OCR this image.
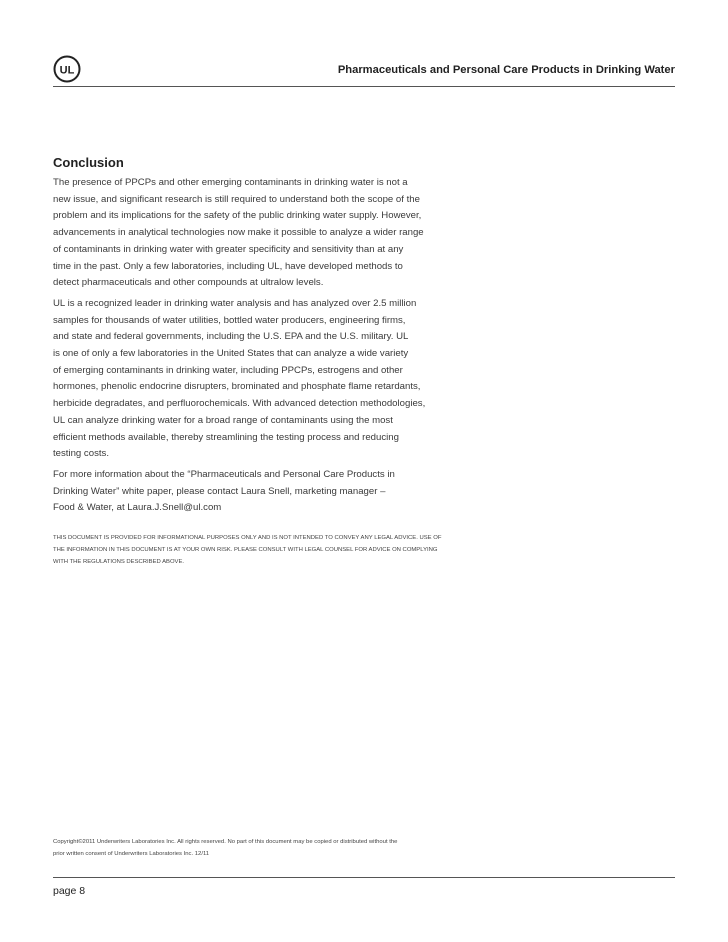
UL	Pharmaceuticals and Personal Care Products in Drinking Water
Conclusion

The presence of PPCPs and other emerging contaminants in drinking water is not a
new issue, and significant research is still required to understand both the scope of the
problem and its implications for the safety of the public drinking water supply. However,
advancements in analytical technologies now make it possible to analyze a wider range
of contaminants in drinking water with greater specificity and sensitivity than at any
time in the past. Only a few laboratories, including UL, have developed methods to
detect pharmaceuticals and other compounds at ultralow levels.

UL is a recognized leader in drinking water analysis and has analyzed over 2.5 million
samples for thousands of water utilities, bottled water producers, engineering firms,
and state and federal governments, including the U.S. EPA and the U.S. military. UL
is one of only a few laboratories in the United States that can analyze a wide variety
of emerging contaminants in drinking water, including PPCPs, estrogens and other
hormones, phenolic endocrine disrupters, brominated and phosphate flame retardants,
herbicide degradates, and perfluorochemicals. With advanced detection methodologies,
UL can analyze drinking water for a broad range of contaminants using the most
efficient methods available, thereby streamlining the testing process and reducing
testing costs.

For more information about the “Pharmaceuticals and Personal Care Products in
Drinking Water” white paper, please contact Laura Snell, marketing manager –
Food & Water, at Laura.J.Snell@ul.com

THIS DOCUMENT IS PROVIDED FOR INFORMATIONAL PURPOSES ONLY AND IS NOT INTENDED TO CONVEY ANY LEGAL ADVICE. USE OF
THE INFORMATION IN THIS DOCUMENT IS AT YOUR OWN RISK. PLEASE CONSULT WITH LEGAL COUNSEL FOR ADVICE ON COMPLYING
WITH THE REGULATIONS DESCRIBED ABOVE.
Copyright©2011 Underwriters Laboratories Inc. All rights reserved. No part of this document may be copied or distributed without the
prior written consent of Underwriters Laboratories Inc. 12/11
page 8
